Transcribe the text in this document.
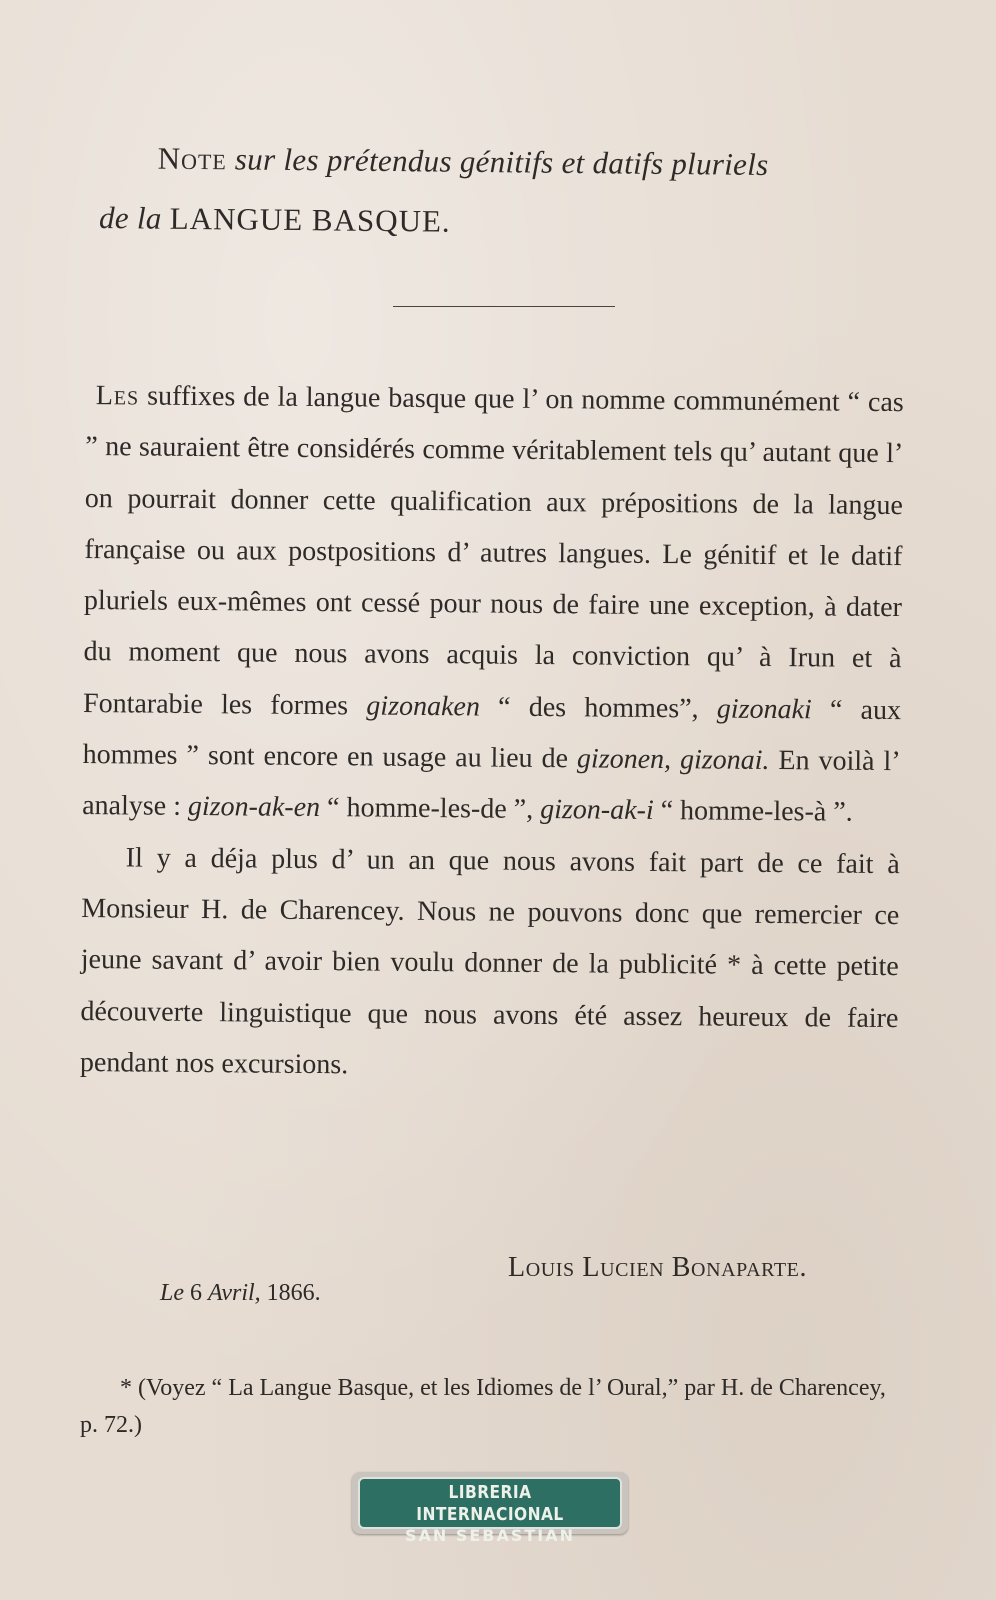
Note sur les prétendus génitifs et datifs pluriels
de la LANGUE BASQUE.

Les suffixes de la langue basque que l’ on nomme communément “ cas ” ne sauraient être considérés comme véritablement tels qu’ autant que l’ on pourrait donner cette qualification aux prépositions de la langue française ou aux postpositions d’ autres langues. Le génitif et le datif pluriels eux-mêmes ont cessé pour nous de faire une exception, à dater du moment que nous avons acquis la conviction qu’ à Irun et à Fontarabie les formes gizonaken “ des hommes”, gizonaki “ aux hommes ” sont encore en usage au lieu de gizonen, gizonai. En voilà l’ analyse : gizon-ak-en “ homme-les-de ”, gizon-ak-i “ homme-les-à ”.

Il y a déja plus d’ un an que nous avons fait part de ce fait à Monsieur H. de Charencey. Nous ne pouvons donc que remercier ce jeune savant d’ avoir bien voulu donner de la publicité * à cette petite découverte linguistique que nous avons été assez heureux de faire pendant nos excursions.

Louis Lucien Bonaparte.
Le 6 Avril, 1866.
* (Voyez “ La Langue Basque, et les Idiomes de l’ Oural,” par H. de Charencey, p. 72.)
LIBRERIA INTERNACIONAL
SAN SEBASTIAN
